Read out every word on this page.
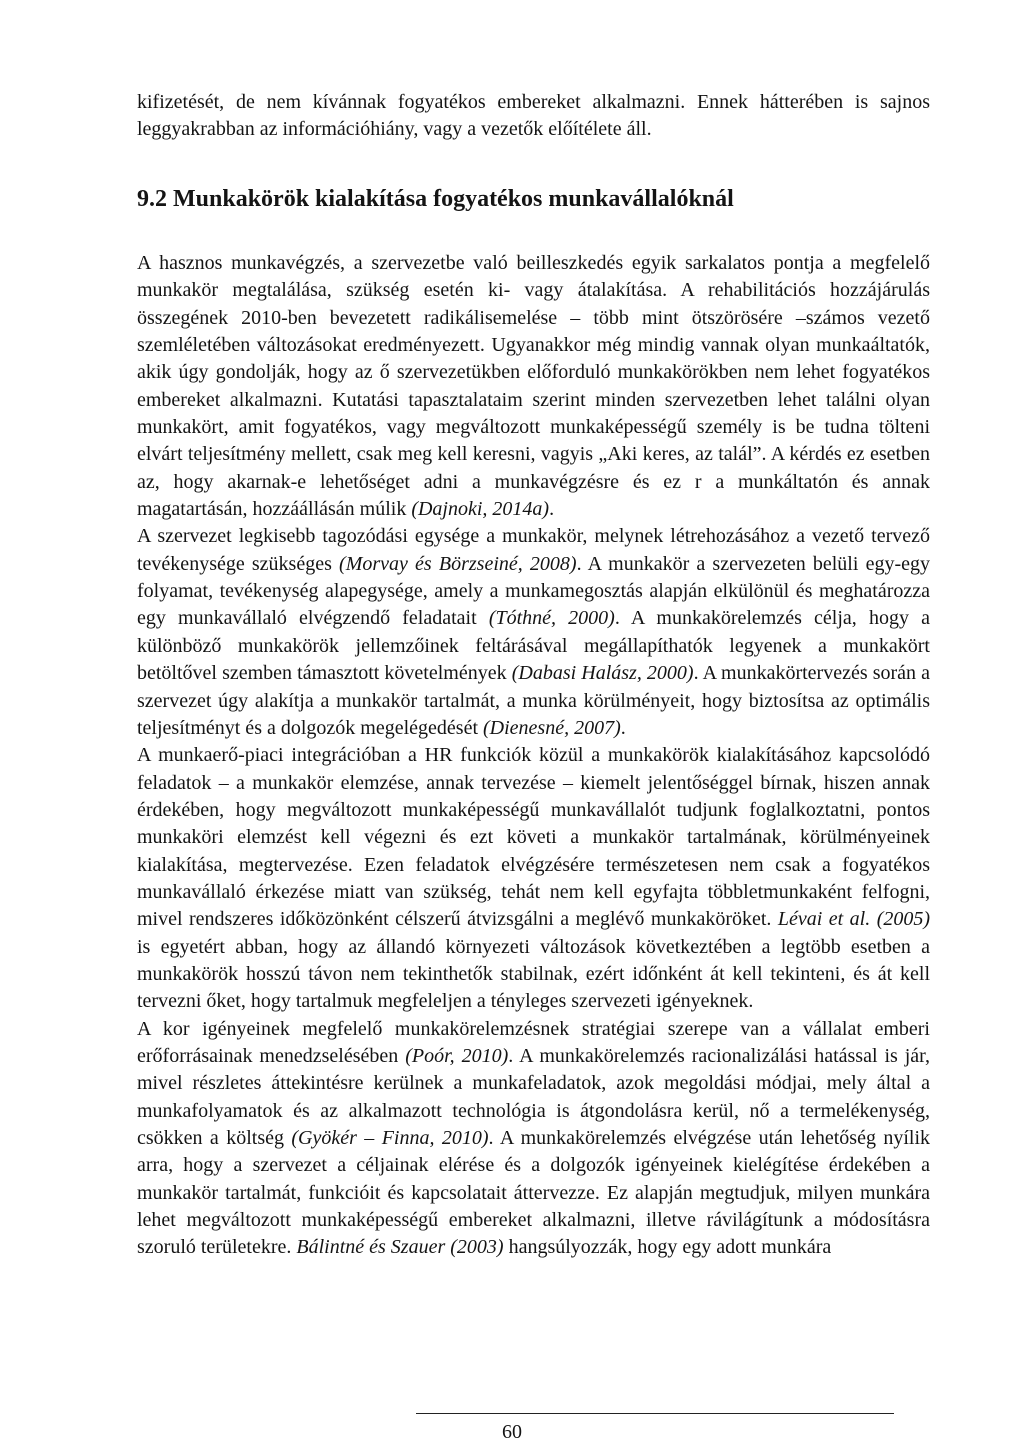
kifizetését, de nem kívánnak fogyatékos embereket alkalmazni. Ennek hátterében is sajnos leggyakrabban az információhiány, vagy a vezetők előítélete áll.

9.2 Munkakörök kialakítása fogyatékos munkavállalóknál

A hasznos munkavégzés, a szervezetbe való beilleszkedés egyik sarkalatos pontja a megfelelő munkakör megtalálása, szükség esetén ki- vagy átalakítása. A rehabilitációs hozzájárulás összegének 2010-ben bevezetett radikálisemelése – több mint ötszörösére –számos vezető szemléletében változásokat eredményezett. Ugyanakkor még mindig vannak olyan munkaáltatók, akik úgy gondolják, hogy az ő szervezetükben előforduló munkakörökben nem lehet fogyatékos embereket alkalmazni. Kutatási tapasztalataim szerint minden szervezetben lehet találni olyan munkakört, amit fogyatékos, vagy megváltozott munkaképességű személy is be tudna tölteni elvárt teljesítmény mellett, csak meg kell keresni, vagyis „Aki keres, az talál”. A kérdés ez esetben az, hogy akarnak-e lehetőséget adni a munkavégzésre és ez r a munkáltatón és annak magatartásán, hozzáállásán múlik (Dajnoki, 2014a).

A szervezet legkisebb tagozódási egysége a munkakör, melynek létrehozásához a vezető tervező tevékenysége szükséges (Morvay és Börzseiné, 2008). A munkakör a szervezeten belüli egy-egy folyamat, tevékenység alapegysége, amely a munkamegosztás alapján elkülönül és meghatározza egy munkavállaló elvégzendő feladatait (Tóthné, 2000). A munkakörelemzés célja, hogy a különböző munkakörök jellemzőinek feltárásával megállapíthatók legyenek a munkakört betöltővel szemben támasztott követelmények (Dabasi Halász, 2000). A munkakörtervezés során a szervezet úgy alakítja a munkakör tartalmát, a munka körülményeit, hogy biztosítsa az optimális teljesítményt és a dolgozók megelégedését (Dienesné, 2007).

A munkaerő-piaci integrációban a HR funkciók közül a munkakörök kialakításához kapcsolódó feladatok – a munkakör elemzése, annak tervezése – kiemelt jelentőséggel bírnak, hiszen annak érdekében, hogy megváltozott munkaképességű munkavállalót tudjunk foglalkoztatni, pontos munkaköri elemzést kell végezni és ezt követi a munkakör tartalmának, körülményeinek kialakítása, megtervezése. Ezen feladatok elvégzésére természetesen nem csak a fogyatékos munkavállaló érkezése miatt van szükség, tehát nem kell egyfajta többletmunkaként felfogni, mivel rendszeres időközönként célszerű átvizsgálni a meglévő munkaköröket. Lévai et al. (2005) is egyetért abban, hogy az állandó környezeti változások következtében a legtöbb esetben a munkakörök hosszú távon nem tekinthetők stabilnak, ezért időnként át kell tekinteni, és át kell tervezni őket, hogy tartalmuk megfeleljen a tényleges szervezeti igényeknek.

A kor igényeinek megfelelő munkakörelemzésnek stratégiai szerepe van a vállalat emberi erőforrásainak menedzselésében (Poór, 2010). A munkakörelemzés racionalizálási hatással is jár, mivel részletes áttekintésre kerülnek a munkafeladatok, azok megoldási módjai, mely által a munkafolyamatok és az alkalmazott technológia is átgondolásra kerül, nő a termelékenység, csökken a költség (Gyökér – Finna, 2010). A munkakörelemzés elvégzése után lehetőség nyílik arra, hogy a szervezet a céljainak elérése és a dolgozók igényeinek kielégítése érdekében a munkakör tartalmát, funkcióit és kapcsolatait áttervezze. Ez alapján megtudjuk, milyen munkára lehet megváltozott munkaképességű embereket alkalmazni, illetve rávilágítunk a módosításra szoruló területekre. Bálintné és Szauer (2003) hangsúlyozzák, hogy egy adott munkára

60
